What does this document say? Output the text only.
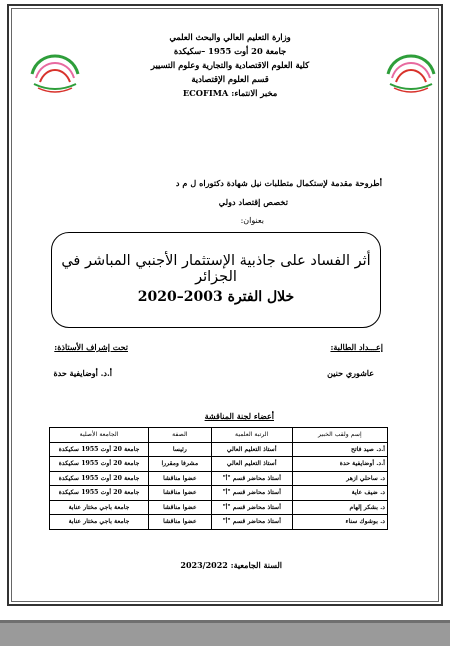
وزارة التعليم العالي والبحث العلمي
جامعة 20 أوت 1955 –سكيكدة
كلية العلوم الاقتصادية والتجارية وعلوم التسيير
قسم العلوم الإقتصادية
مخبر الانتماء: ECOFIMA
أطروحة مقدمة لإستكمال متطلبات نيل شهادة دكتوراه ل م د
تخصص إقتصاد دولي
بعنوان:
أثر الفساد على جاذبية الإستثمار الأجنبي المباشر في الجزائر
خلال الفترة 2003–2020
إعـــداد الطالبة:
عاشوري حنين
تحت إشراف الأستاذة:
أ.د. أوضايفية حدة
أعضاء لجنة المناقشة
إسم ولقب الخبير	الرتبة العلمية	الصفة	الجامعة الأصلية
أ.د. صيد فاتح	أستاذ التعليم العالي	رئيسا	جامعة 20 أوت 1955 سكيكدة
أ.د. أوضايفية حدة	أستاذ التعليم العالي	مشرفا ومقررا	جامعة 20 أوت 1955 سكيكدة
د. ساحلي ازهر	أستاذ محاضر قسم "أ"	عضوا مناقشا	جامعة 20 أوت 1955 سكيكدة
د. ضيف عاية	أستاذ محاضر قسم "أ"	عضوا مناقشا	جامعة 20 أوت 1955 سكيكدة
د. بشكر إلهام	أستاذ محاضر قسم "أ"	عضوا مناقشا	جامعة باجي مختار عنابة
د. بوشوك سناء	أستاذ محاضر قسم "أ"	عضوا مناقشا	جامعة باجي مختار عنابة
السنة الجامعية: 2023/2022
